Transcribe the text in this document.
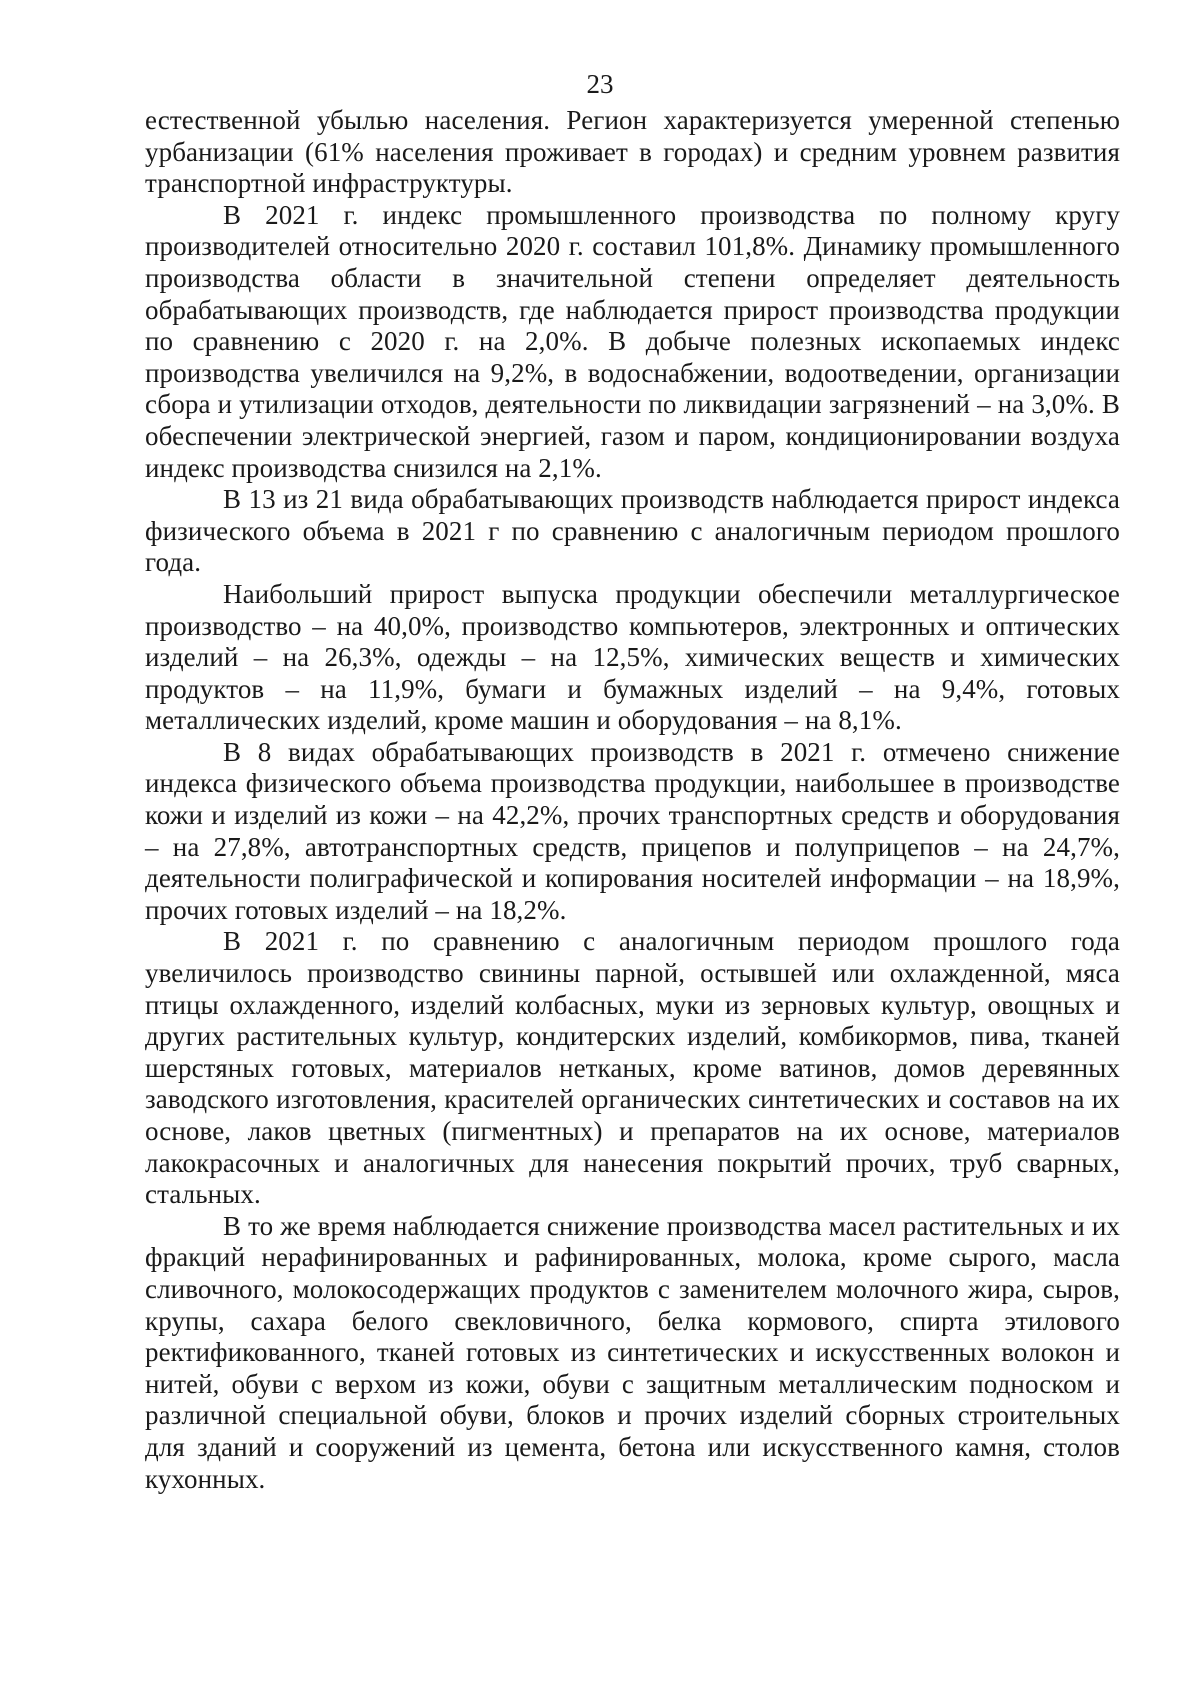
23

естественной убылью населения. Регион характеризуется умеренной степенью урбанизации (61% населения проживает в городах) и средним уровнем развития транспортной инфраструктуры.

В 2021 г. индекс промышленного производства по полному кругу производителей относительно 2020 г. составил 101,8%. Динамику промышленного производства области в значительной степени определяет деятельность обрабатывающих производств, где наблюдается прирост производства продукции по сравнению с 2020 г. на 2,0%. В добыче полезных ископаемых индекс производства увеличился на 9,2%, в водоснабжении, водоотведении, организации сбора и утилизации отходов, деятельности по ликвидации загрязнений – на 3,0%. В обеспечении электрической энергией, газом и паром, кондиционировании воздуха индекс производства снизился на 2,1%.

В 13 из 21 вида обрабатывающих производств наблюдается прирост индекса физического объема в 2021 г по сравнению с аналогичным периодом прошлого года.

Наибольший прирост выпуска продукции обеспечили металлургическое производство – на 40,0%, производство компьютеров, электронных и оптических изделий – на 26,3%, одежды – на 12,5%, химических веществ и химических продуктов – на 11,9%, бумаги и бумажных изделий – на 9,4%, готовых металлических изделий, кроме машин и оборудования – на 8,1%.

В 8 видах обрабатывающих производств в 2021 г. отмечено снижение индекса физического объема производства продукции, наибольшее в производстве кожи и изделий из кожи – на 42,2%, прочих транспортных средств и оборудования – на 27,8%, автотранспортных средств, прицепов и полуприцепов – на 24,7%, деятельности полиграфической и копирования носителей информации – на 18,9%, прочих готовых изделий – на 18,2%.

В 2021 г. по сравнению с аналогичным периодом прошлого года увеличилось производство свинины парной, остывшей или охлажденной, мяса птицы охлажденного, изделий колбасных, муки из зерновых культур, овощных и других растительных культур, кондитерских изделий, комбикормов, пива, тканей шерстяных готовых, материалов нетканых, кроме ватинов, домов деревянных заводского изготовления, красителей органических синтетических и составов на их основе, лаков цветных (пигментных) и препаратов на их основе, материалов лакокрасочных и аналогичных для нанесения покрытий прочих, труб сварных, стальных.

В то же время наблюдается снижение производства масел растительных и их фракций нерафинированных и рафинированных, молока, кроме сырого, масла сливочного, молокосодержащих продуктов с заменителем молочного жира, сыров, крупы, сахара белого свекловичного, белка кормового, спирта этилового ректификованного, тканей готовых из синтетических и искусственных волокон и нитей, обуви с верхом из кожи, обуви с защитным металлическим подноском и различной специальной обуви, блоков и прочих изделий сборных строительных для зданий и сооружений из цемента, бетона или искусственного камня, столов кухонных.
